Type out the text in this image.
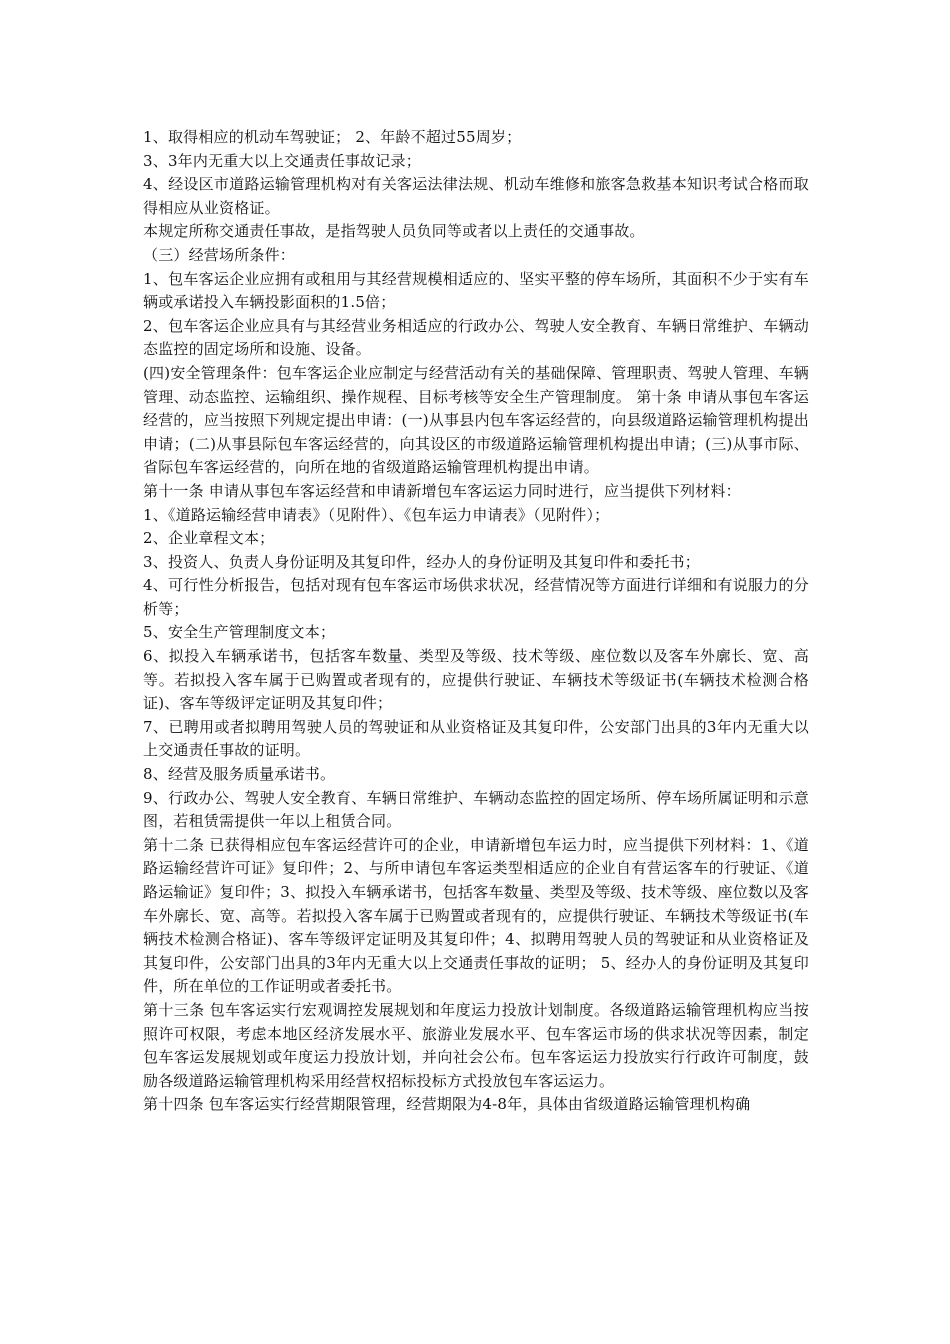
1、取得相应的机动车驾驶证； 2、年龄不超过55周岁；

3、3年内无重大以上交通责任事故记录；

4、经设区市道路运输管理机构对有关客运法律法规、机动车维修和旅客急救基本知识考试合格而取得相应从业资格证。

本规定所称交通责任事故，是指驾驶人员负同等或者以上责任的交通事故。

（三）经营场所条件：

1、包车客运企业应拥有或租用与其经营规模相适应的、坚实平整的停车场所，其面积不少于实有车辆或承诺投入车辆投影面积的1.5倍；

2、包车客运企业应具有与其经营业务相适应的行政办公、驾驶人安全教育、车辆日常维护、车辆动态监控的固定场所和设施、设备。

(四)安全管理条件：包车客运企业应制定与经营活动有关的基础保障、管理职责、驾驶人管理、车辆管理、动态监控、运输组织、操作规程、目标考核等安全生产管理制度。 第十条 申请从事包车客运经营的，应当按照下列规定提出申请：(一)从事县内包车客运经营的，向县级道路运输管理机构提出申请；(二)从事县际包车客运经营的，向其设区的市级道路运输管理机构提出申请；(三)从事市际、省际包车客运经营的，向所在地的省级道路运输管理机构提出申请。

第十一条 申请从事包车客运经营和申请新增包车客运运力同时进行，应当提供下列材料：

1、《道路运输经营申请表》（见附件）、《包车运力申请表》（见附件）；

2、企业章程文本；

3、投资人、负责人身份证明及其复印件，经办人的身份证明及其复印件和委托书；

4、可行性分析报告，包括对现有包车客运市场供求状况，经营情况等方面进行详细和有说服力的分析等；

5、安全生产管理制度文本；

6、拟投入车辆承诺书，包括客车数量、类型及等级、技术等级、座位数以及客车外廓长、宽、高等。若拟投入客车属于已购置或者现有的，应提供行驶证、车辆技术等级证书(车辆技术检测合格证)、客车等级评定证明及其复印件；

7、已聘用或者拟聘用驾驶人员的驾驶证和从业资格证及其复印件，公安部门出具的3年内无重大以上交通责任事故的证明。

8、经营及服务质量承诺书。

9、行政办公、驾驶人安全教育、车辆日常维护、车辆动态监控的固定场所、停车场所属证明和示意图，若租赁需提供一年以上租赁合同。

第十二条 已获得相应包车客运经营许可的企业，申请新增包车运力时，应当提供下列材料：1、《道路运输经营许可证》复印件；2、与所申请包车客运类型相适应的企业自有营运客车的行驶证、《道路运输证》复印件；3、拟投入车辆承诺书，包括客车数量、类型及等级、技术等级、座位数以及客车外廓长、宽、高等。若拟投入客车属于已购置或者现有的，应提供行驶证、车辆技术等级证书(车辆技术检测合格证)、客车等级评定证明及其复印件；4、拟聘用驾驶人员的驾驶证和从业资格证及其复印件，公安部门出具的3年内无重大以上交通责任事故的证明； 5、经办人的身份证明及其复印件，所在单位的工作证明或者委托书。

第十三条 包车客运实行宏观调控发展规划和年度运力投放计划制度。各级道路运输管理机构应当按照许可权限，考虑本地区经济发展水平、旅游业发展水平、包车客运市场的供求状况等因素，制定包车客运发展规划或年度运力投放计划，并向社会公布。包车客运运力投放实行行政许可制度，鼓励各级道路运输管理机构采用经营权招标投标方式投放包车客运运力。

第十四条 包车客运实行经营期限管理，经营期限为4-8年，具体由省级道路运输管理机构确
